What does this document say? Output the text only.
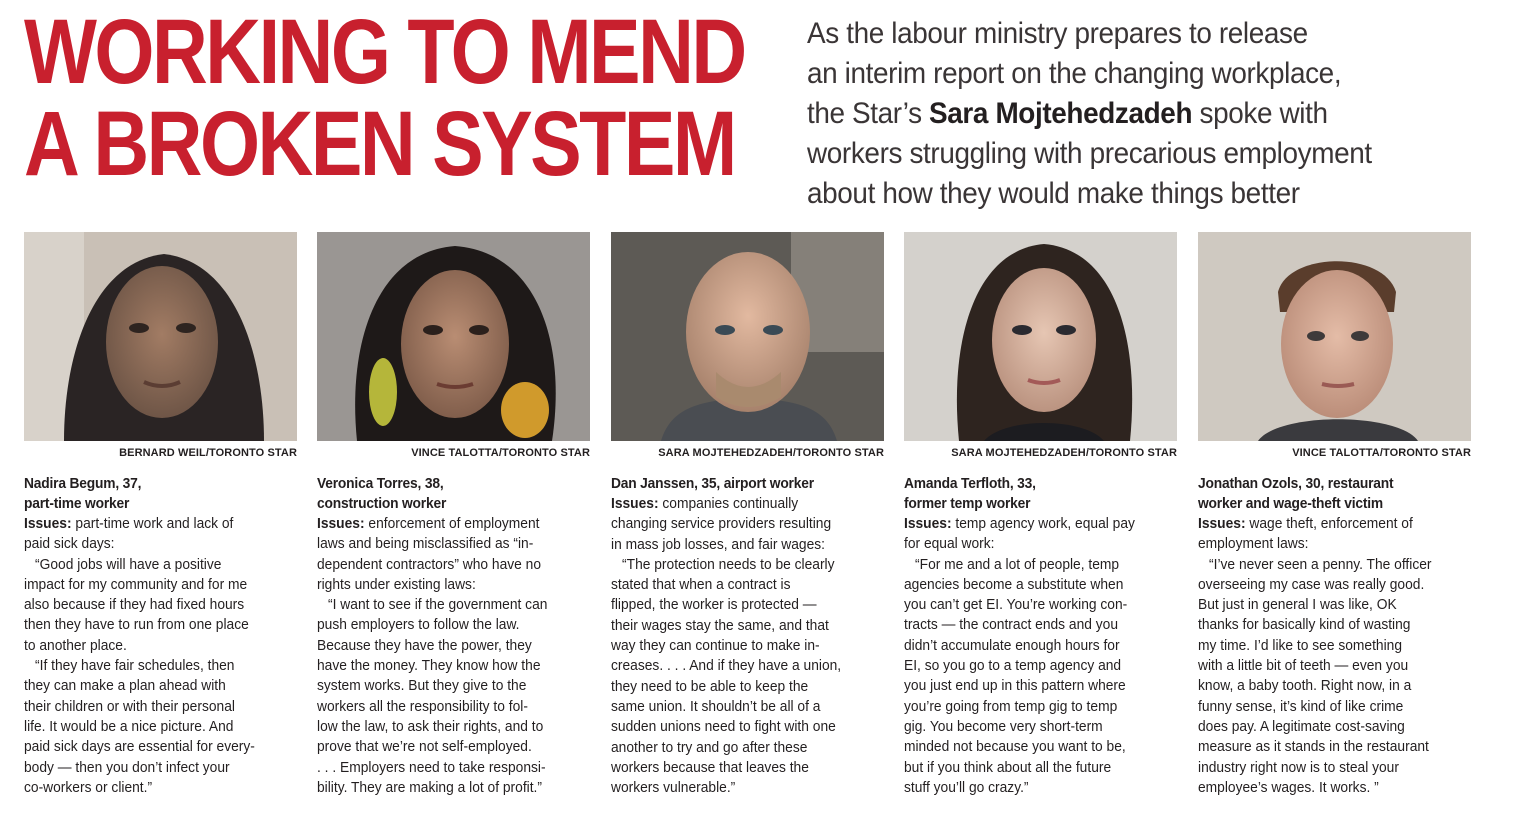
WORKING TO MEND
A BROKEN SYSTEM
As the labour ministry prepares to release
an interim report on the changing workplace,
the Star’s Sara Mojtehedzadeh spoke with
workers struggling with precarious employment
about how they would make things better
BERNARD WEIL/TORONTO STAR
Nadira Begum, 37,
part-time worker
Issues: part-time work and lack of
paid sick days:
“Good jobs will have a positive
impact for my community and for me
also because if they had fixed hours
then they have to run from one place
to another place.
“If they have fair schedules, then
they can make a plan ahead with
their children or with their personal
life. It would be a nice picture. And
paid sick days are essential for every-
body — then you don’t infect your
co-workers or client.”
VINCE TALOTTA/TORONTO STAR
Veronica Torres, 38,
construction worker
Issues: enforcement of employment
laws and being misclassified as “in-
dependent contractors” who have no
rights under existing laws:
“I want to see if the government can
push employers to follow the law.
Because they have the power, they
have the money. They know how the
system works. But they give to the
workers all the responsibility to fol-
low the law, to ask their rights, and to
prove that we’re not self-employed.
. . . Employers need to take responsi-
bility. They are making a lot of profit.”
SARA MOJTEHEDZADEH/TORONTO STAR
Dan Janssen, 35, airport worker
Issues: companies continually
changing service providers resulting
in mass job losses, and fair wages:
“The protection needs to be clearly
stated that when a contract is
flipped, the worker is protected —
their wages stay the same, and that
way they can continue to make in-
creases. . . . And if they have a union,
they need to be able to keep the
same union. It shouldn’t be all of a
sudden unions need to fight with one
another to try and go after these
workers because that leaves the
workers vulnerable.”
SARA MOJTEHEDZADEH/TORONTO STAR
Amanda Terfloth, 33,
former temp worker
Issues: temp agency work, equal pay
for equal work:
“For me and a lot of people, temp
agencies become a substitute when
you can’t get EI. You’re working con-
tracts — the contract ends and you
didn’t accumulate enough hours for
EI, so you go to a temp agency and
you just end up in this pattern where
you’re going from temp gig to temp
gig. You become very short-term
minded not because you want to be,
but if you think about all the future
stuff you’ll go crazy.”
VINCE TALOTTA/TORONTO STAR
Jonathan Ozols, 30, restaurant
worker and wage-theft victim
Issues: wage theft, enforcement of
employment laws:
“I’ve never seen a penny. The officer
overseeing my case was really good.
But just in general I was like, OK
thanks for basically kind of wasting
my time. I’d like to see something
with a little bit of teeth — even you
know, a baby tooth. Right now, in a
funny sense, it’s kind of like crime
does pay. A legitimate cost-saving
measure as it stands in the restaurant
industry right now is to steal your
employee’s wages. It works. ”
